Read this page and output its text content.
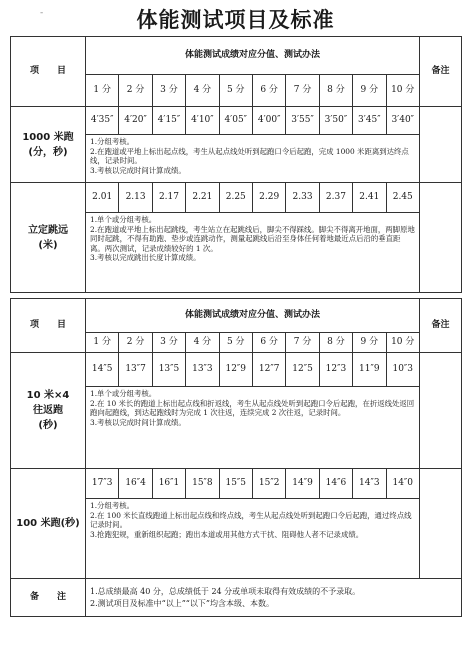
-	体能测试项目及标准
项　　目	体能测试成绩对应分值、测试办法										备注
	1 分	2 分	3 分	4 分	5 分	6 分	7 分	8 分	9 分	10 分	
1000 米跑
(分，秒)	4′35″	4′20″	4′15″	4′10″	4′05″	4′00″	3′55″	3′50″	3′45″	3′40″	

	1.分组考核。
2.在跑道或平地上标出起点线，考生从起点线处听到起跑口令后起跑，完成 1000 米距离到达终点线，记录时间。
3.考核以完成时间计算成绩。										

立定跳远
(米)	2.01	2.13	2.17	2.21	2.25	2.29	2.33	2.37	2.41	2.45	

	1.单个或分组考核。
2.在跑道或平地上标出起跳线，考生站立在起跳线后，脚尖不得踩线。脚尖不得离开地面，两脚原地同时起跳，不得有助跑、垫步或连跳动作，测量起跳线后沿至身体任何着地最近点后沿的垂直距离。两次测试，记录成绩较好的 1 次。
3.考核以完成跳出长度计算成绩。										
项　　目	体能测试成绩对应分值、测试办法										备注
	1 分	2 分	3 分	4 分	5 分	6 分	7 分	8 分	9 分	10 分	
10 米×4
往返跑
(秒)	14″5	13″7	13″5	13″3	12″9	12″7	12″5	12″3	11″9	10″3	

	1.单个或分组考核。
2.在 10 米长的跑道上标出起点线和折返线，考生从起点线处听到起跑口令后起跑，在折返线处返回跑向起跑线，到达起跑线时为完成 1 次往返，连续完成 2 次往返，记录时间。
3.考核以完成时间计算成绩。										

100 米跑(秒)	17″3	16″4	16″1	15″8	15″5	15″2	14″9	14″6	14″3	14″0	

	1.分组考核。
2.在 100 米长直线跑道上标出起点线和终点线，考生从起点线处听到起跑口令后起跑，通过终点线记录时间。
3.抢跑犯规，重新组织起跑；跑出本道或用其他方式干扰、阻碍他人者不记录成绩。										

备　　注	1.总成绩最高 40 分，总成绩低于 24 分或单项未取得有效成绩的不予录取。
2.测试项目及标准中“以上”“以下”均含本级、本数。										
